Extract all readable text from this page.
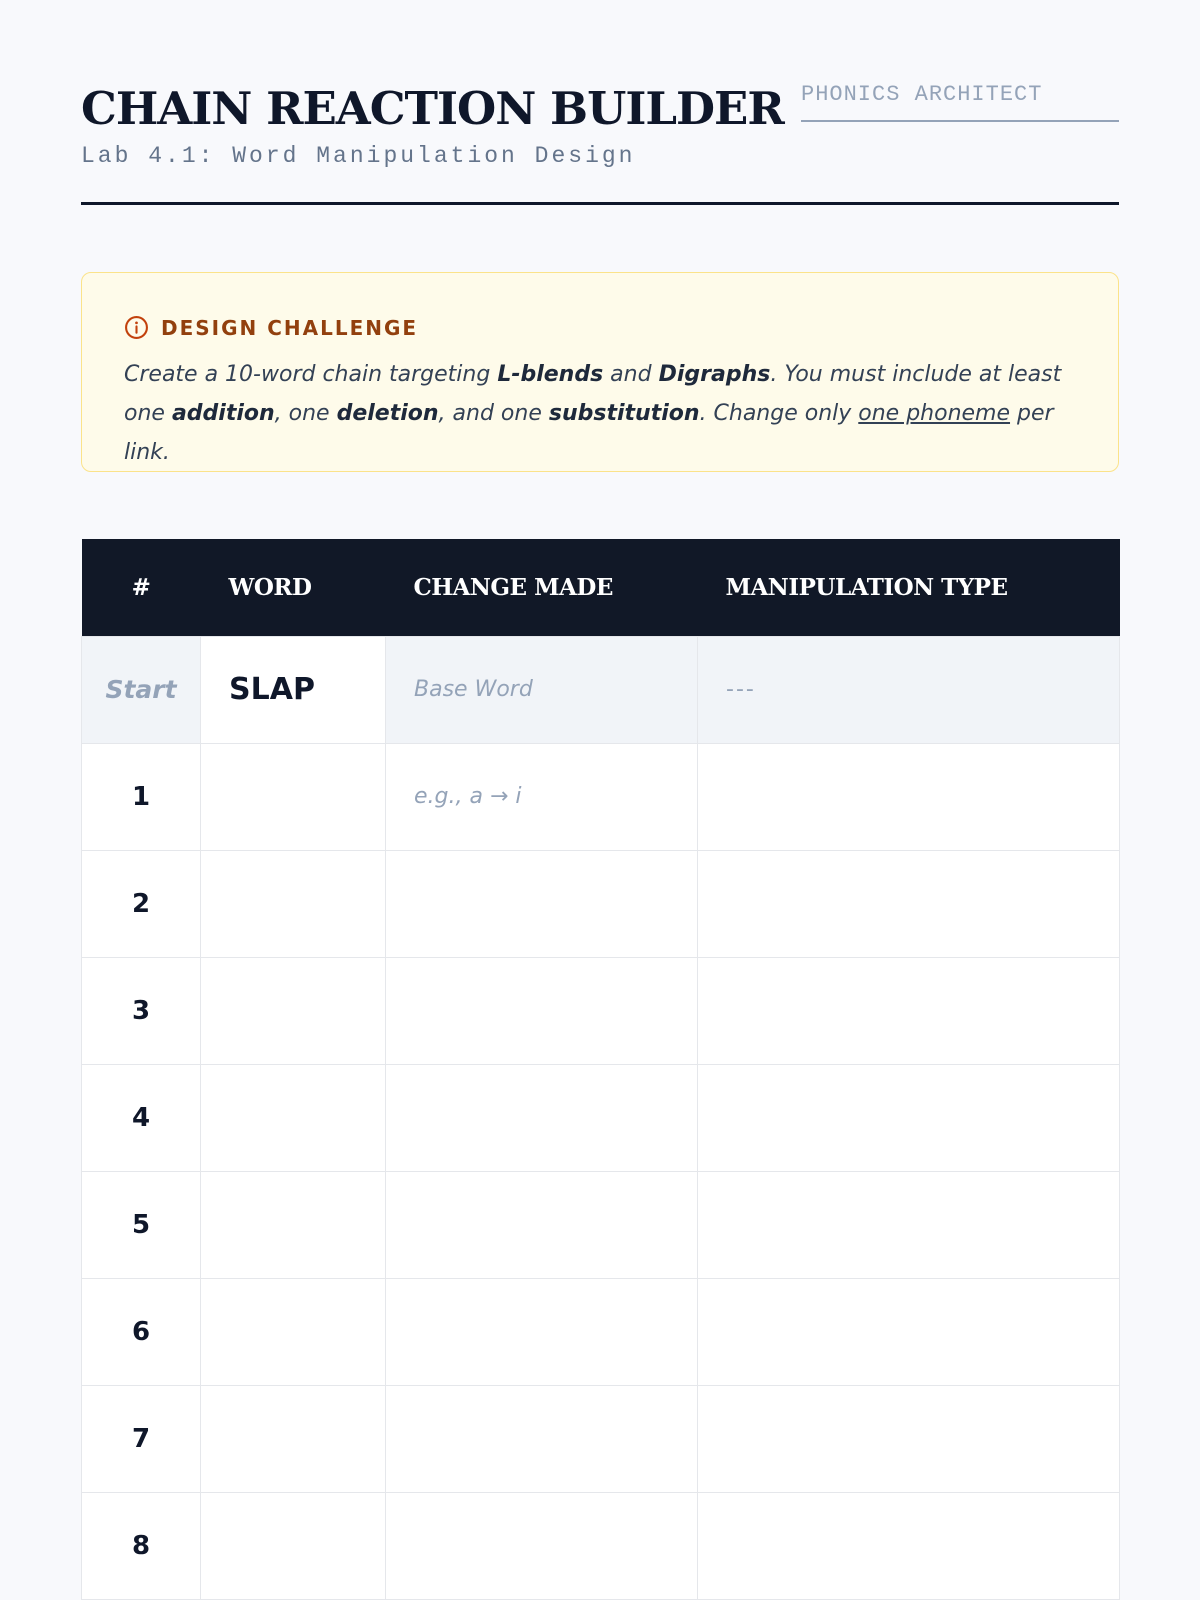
CHAIN REACTION BUILDER
Lab 4.1: Word Manipulation Design
PHONICS ARCHITECT
DESIGN CHALLENGE

Create a 10-word chain targeting L-blends and Digraphs. You must include at least one addition, one deletion, and one substitution. Change only one phoneme per link.

#	WORD	CHANGE MADE	MANIPULATION TYPE
Start	SLAP	Base Word	---
1		e.g., a → i	
2			
3			
4			
5			
6			
7			
8			
